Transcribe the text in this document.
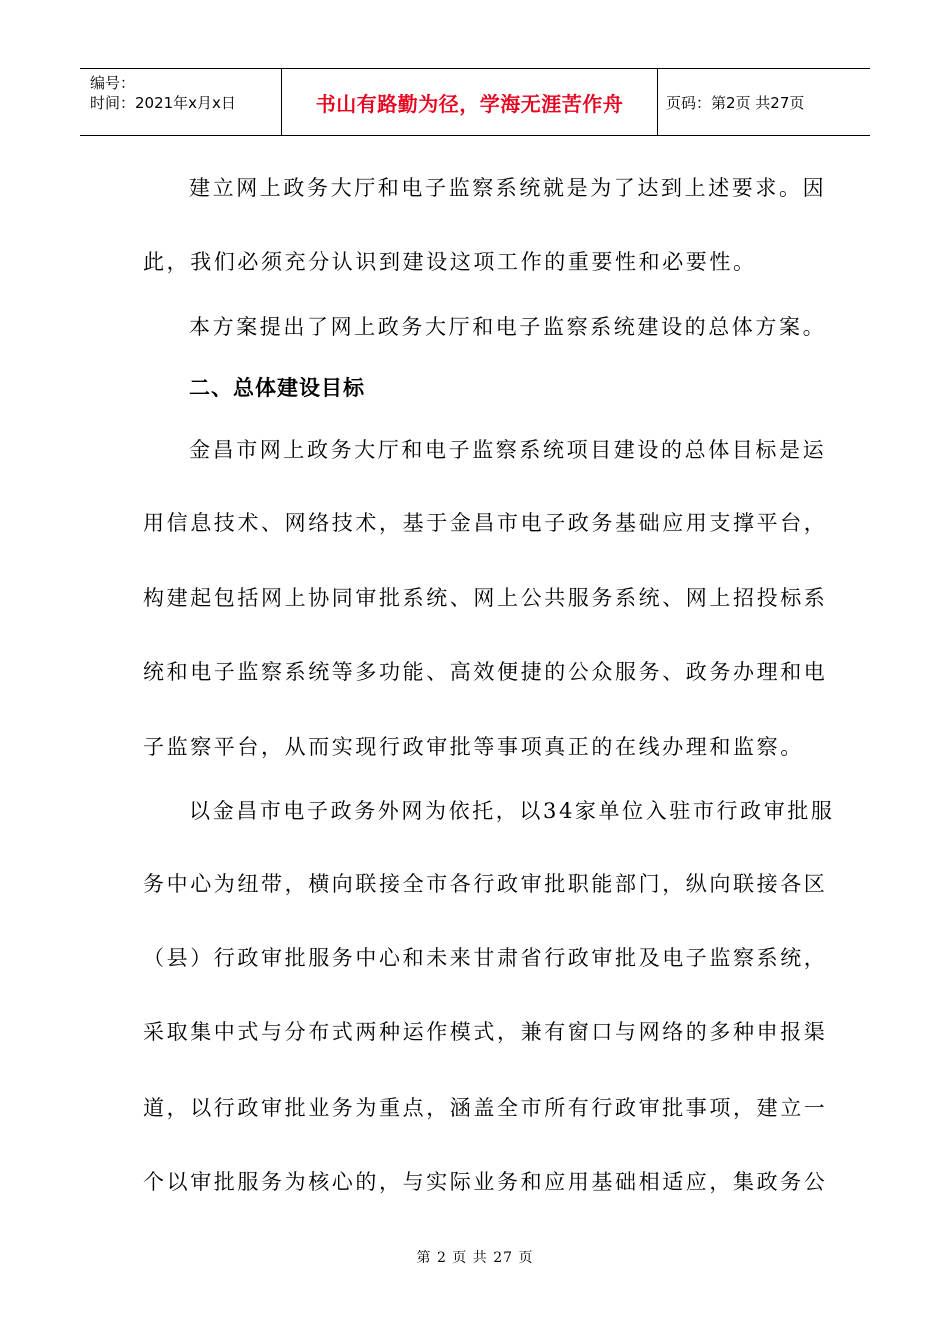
编号：
时间：2021年x月x日	书山有路勤为径，学海无涯苦作舟	页码：第2页 共27页
建立网上政务大厅和电子监察系统就是为了达到上述要求。因
此，我们必须充分认识到建设这项工作的重要性和必要性。
本方案提出了网上政务大厅和电子监察系统建设的总体方案。
二、总体建设目标
金昌市网上政务大厅和电子监察系统项目建设的总体目标是运
用信息技术、网络技术，基于金昌市电子政务基础应用支撑平台，
构建起包括网上协同审批系统、网上公共服务系统、网上招投标系
统和电子监察系统等多功能、高效便捷的公众服务、政务办理和电
子监察平台，从而实现行政审批等事项真正的在线办理和监察。
以金昌市电子政务外网为依托，以34家单位入驻市行政审批服
务中心为纽带，横向联接全市各行政审批职能部门，纵向联接各区
（县）行政审批服务中心和未来甘肃省行政审批及电子监察系统，
采取集中式与分布式两种运作模式，兼有窗口与网络的多种申报渠
道，以行政审批业务为重点，涵盖全市所有行政审批事项，建立一
个以审批服务为核心的，与实际业务和应用基础相适应，集政务公
第 2 页 共 27 页
